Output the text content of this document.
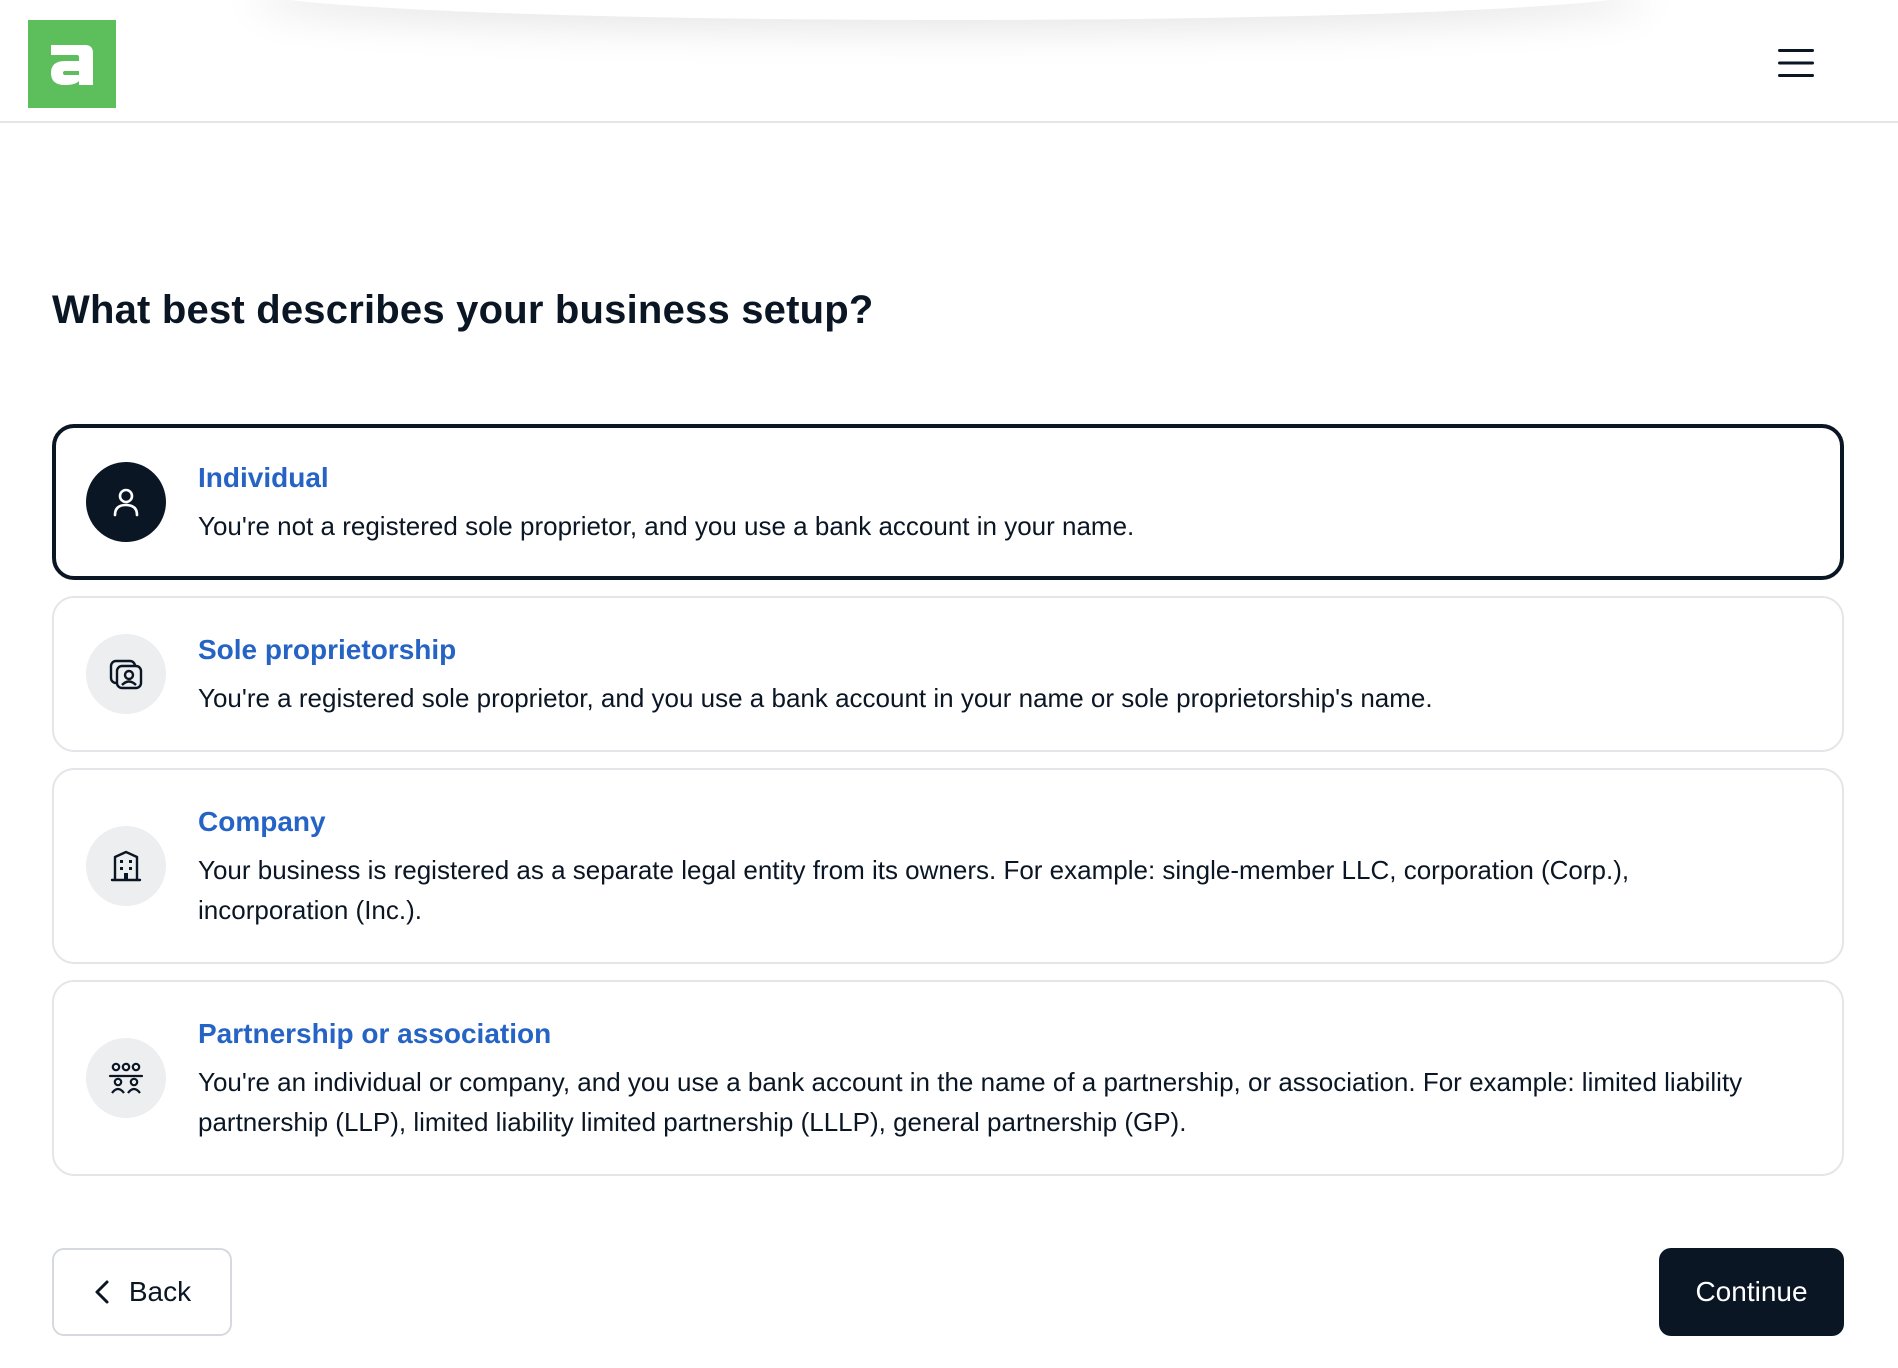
What best describes your business setup?
Individual
You're not a registered sole proprietor, and you use a bank account in your name.
Sole proprietorship
You're a registered sole proprietor, and you use a bank account in your name or sole proprietorship's name.
Company
Your business is registered as a separate legal entity from its owners. For example: single-member LLC, corporation (Corp.), incorporation (Inc.).
Partnership or association
You're an individual or company, and you use a bank account in the name of a partnership, or association. For example: limited liability partnership (LLP), limited liability limited partnership (LLLP), general partnership (GP).
Back	Continue
